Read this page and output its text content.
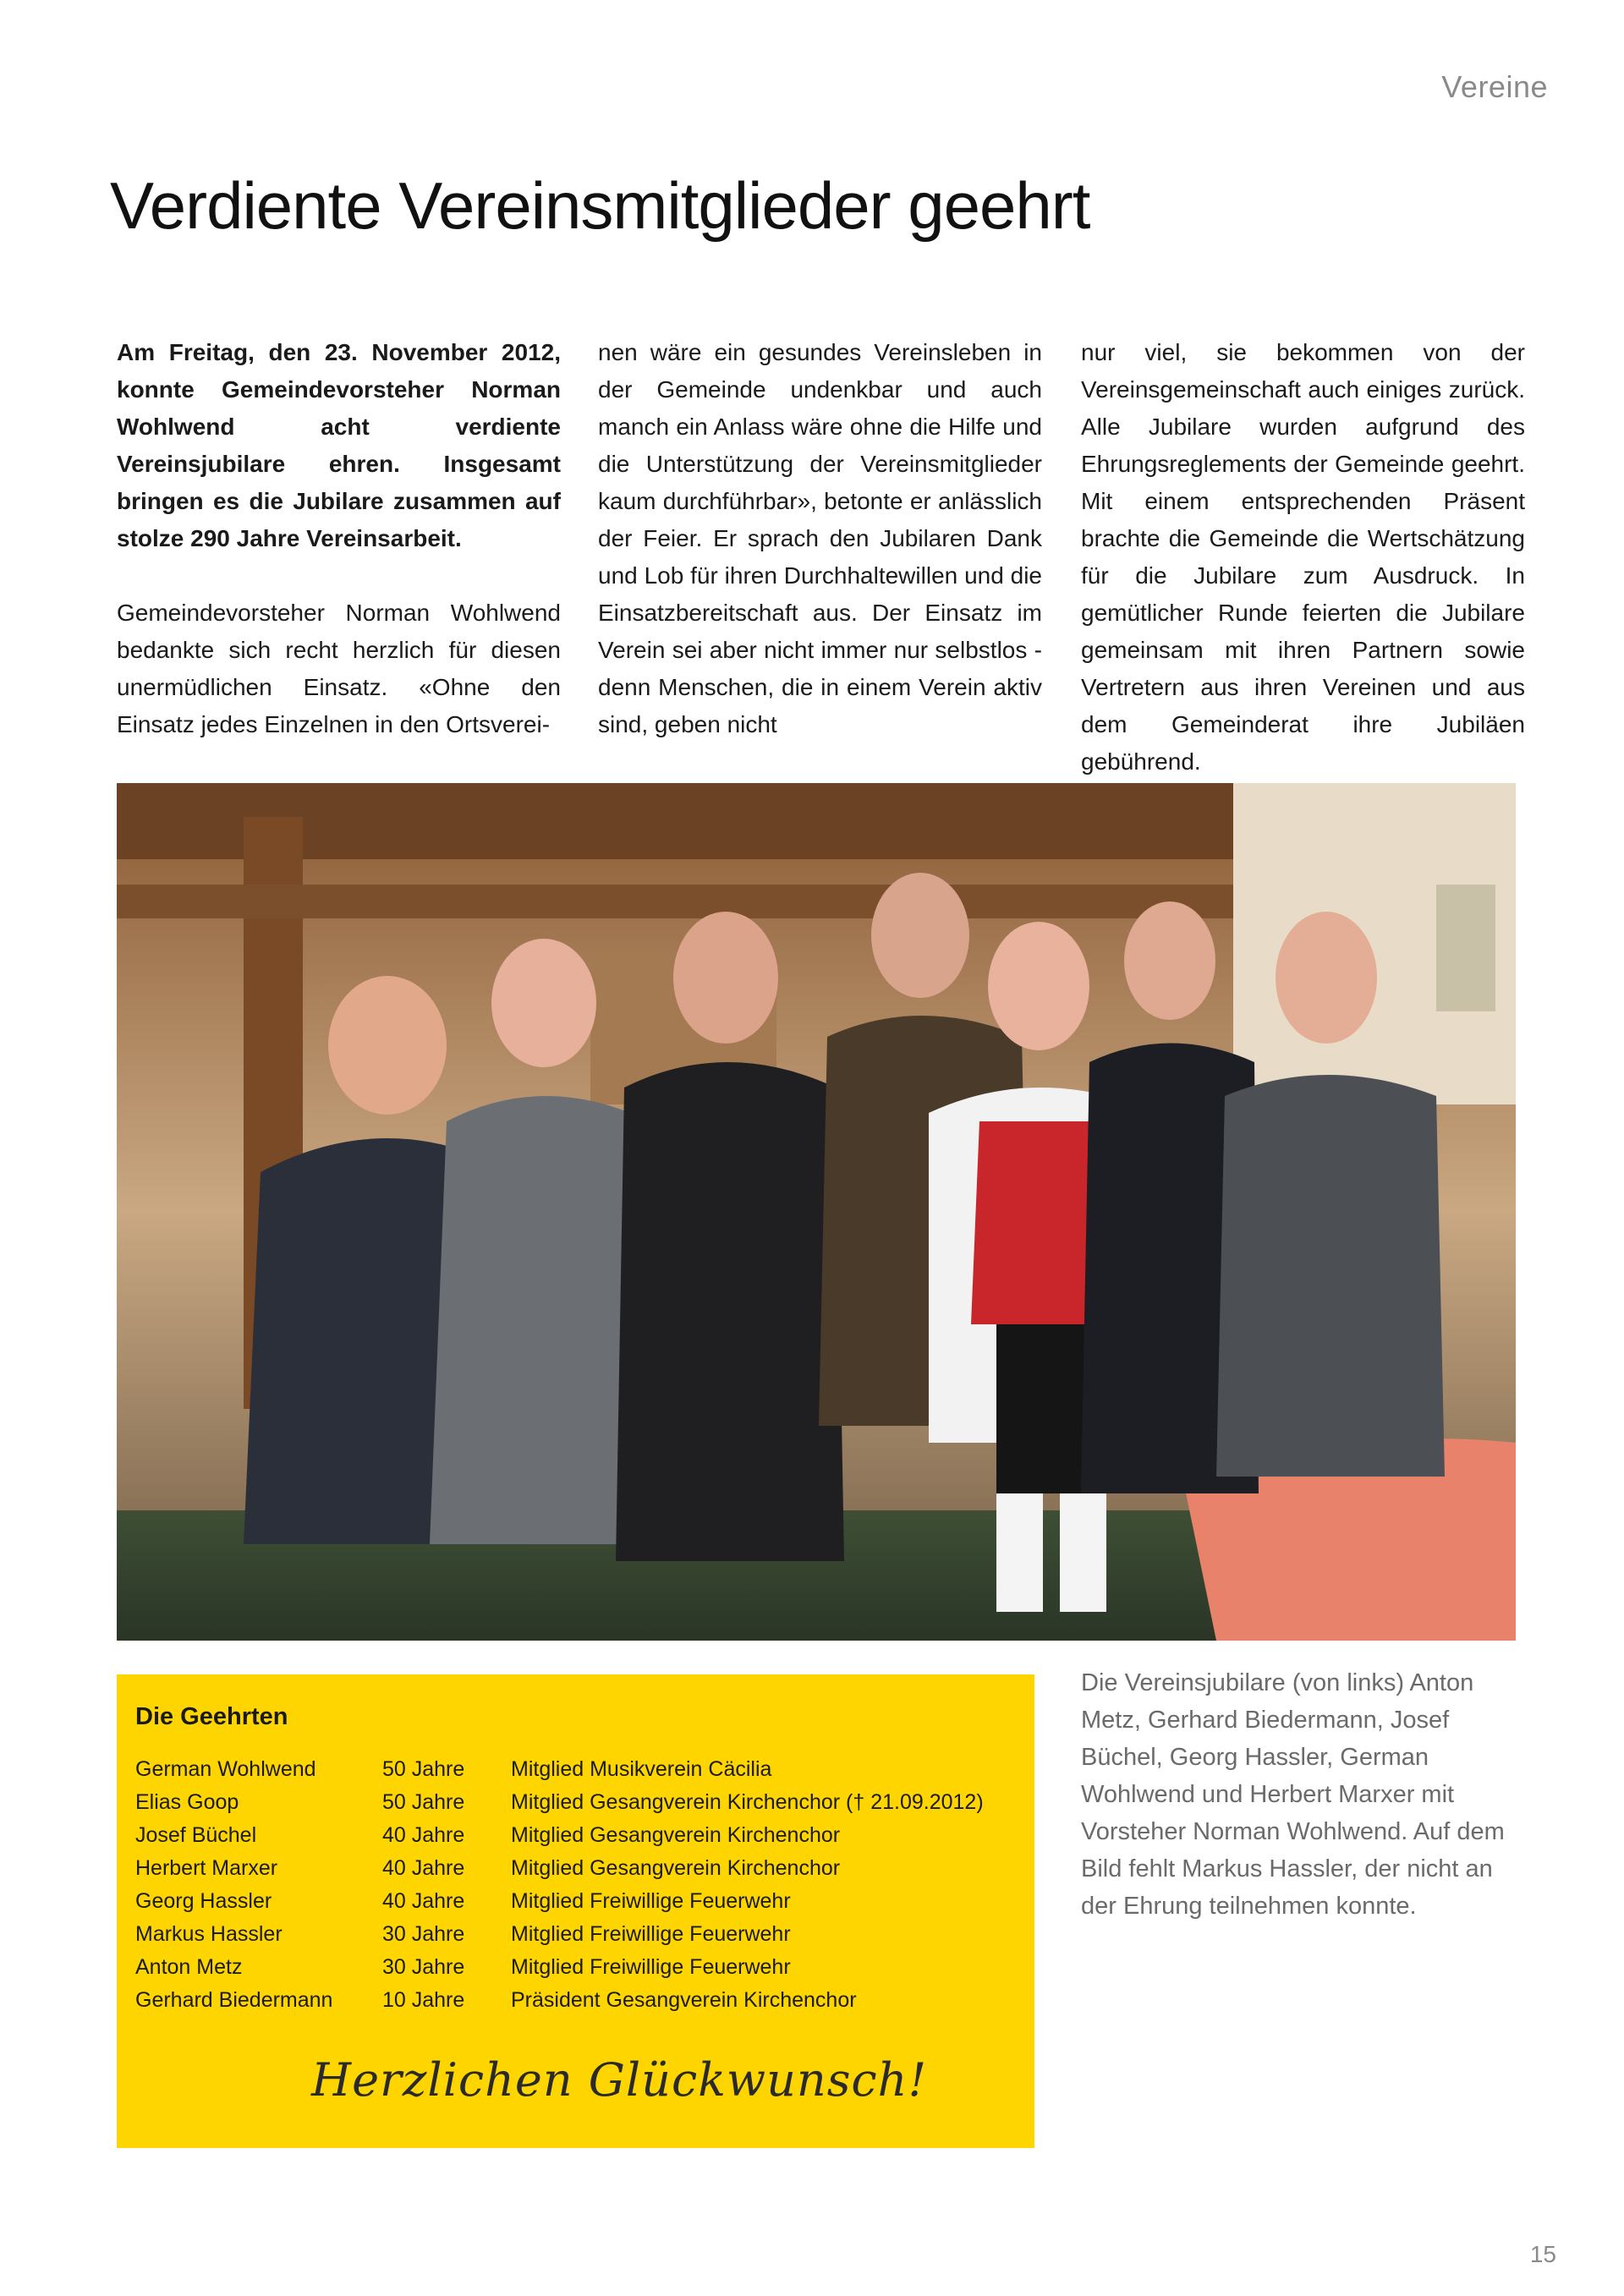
Vereine
Verdiente Vereinsmitglieder geehrt

Am Freitag, den 23. November 2012, konnte Gemeindevorsteher Norman Wohlwend acht verdiente Vereinsjubilare ehren. Insgesamt bringen es die Jubilare zusammen auf stolze 290 Jahre Vereinsarbeit.

Gemeindevorsteher Norman Wohlwend bedankte sich recht herzlich für diesen unermüdlichen Einsatz. «Ohne den Einsatz jedes Einzelnen in den Ortsverei-

nen wäre ein gesundes Vereinsleben in der Gemeinde undenkbar und auch manch ein Anlass wäre ohne die Hilfe und die Unterstützung der Vereinsmitglieder kaum durchführbar», betonte er anlässlich der Feier. Er sprach den Jubilaren Dank und Lob für ihren Durchhaltewillen und die Einsatzbereitschaft aus. Der Einsatz im Verein sei aber nicht immer nur selbstlos - denn Menschen, die in einem Verein aktiv sind, geben nicht

nur viel, sie bekommen von der Vereinsgemeinschaft auch einiges zurück. Alle Jubilare wurden aufgrund des Ehrungsreglements der Gemeinde geehrt. Mit einem entsprechenden Präsent brachte die Gemeinde die Wertschätzung für die Jubilare zum Ausdruck. In gemütlicher Runde feierten die Jubilare gemeinsam mit ihren Partnern sowie Vertretern aus ihren Vereinen und aus dem Gemeinderat ihre Jubiläen gebührend.

Die Vereinsjubilare (von links) Anton Metz, Gerhard Biedermann, Josef Büchel, Georg Hassler, German Wohlwend und Herbert Marxer mit Vorsteher Norman Wohlwend. Auf dem Bild fehlt Markus Hassler, der nicht an der Ehrung teilnehmen konnte.
Die Geehrten
German Wohlwend	50 Jahre	Mitglied Musikverein Cäcilia
Elias Goop	50 Jahre	Mitglied Gesangverein Kirchenchor († 21.09.2012)
Josef Büchel	40 Jahre	Mitglied Gesangverein Kirchenchor
Herbert Marxer	40 Jahre	Mitglied Gesangverein Kirchenchor
Georg Hassler	40 Jahre	Mitglied Freiwillige Feuerwehr
Markus Hassler	30 Jahre	Mitglied Freiwillige Feuerwehr
Anton Metz	30 Jahre	Mitglied Freiwillige Feuerwehr
Gerhard Biedermann	10 Jahre	Präsident Gesangverein Kirchenchor
Herzlichen Glückwunsch!
15
